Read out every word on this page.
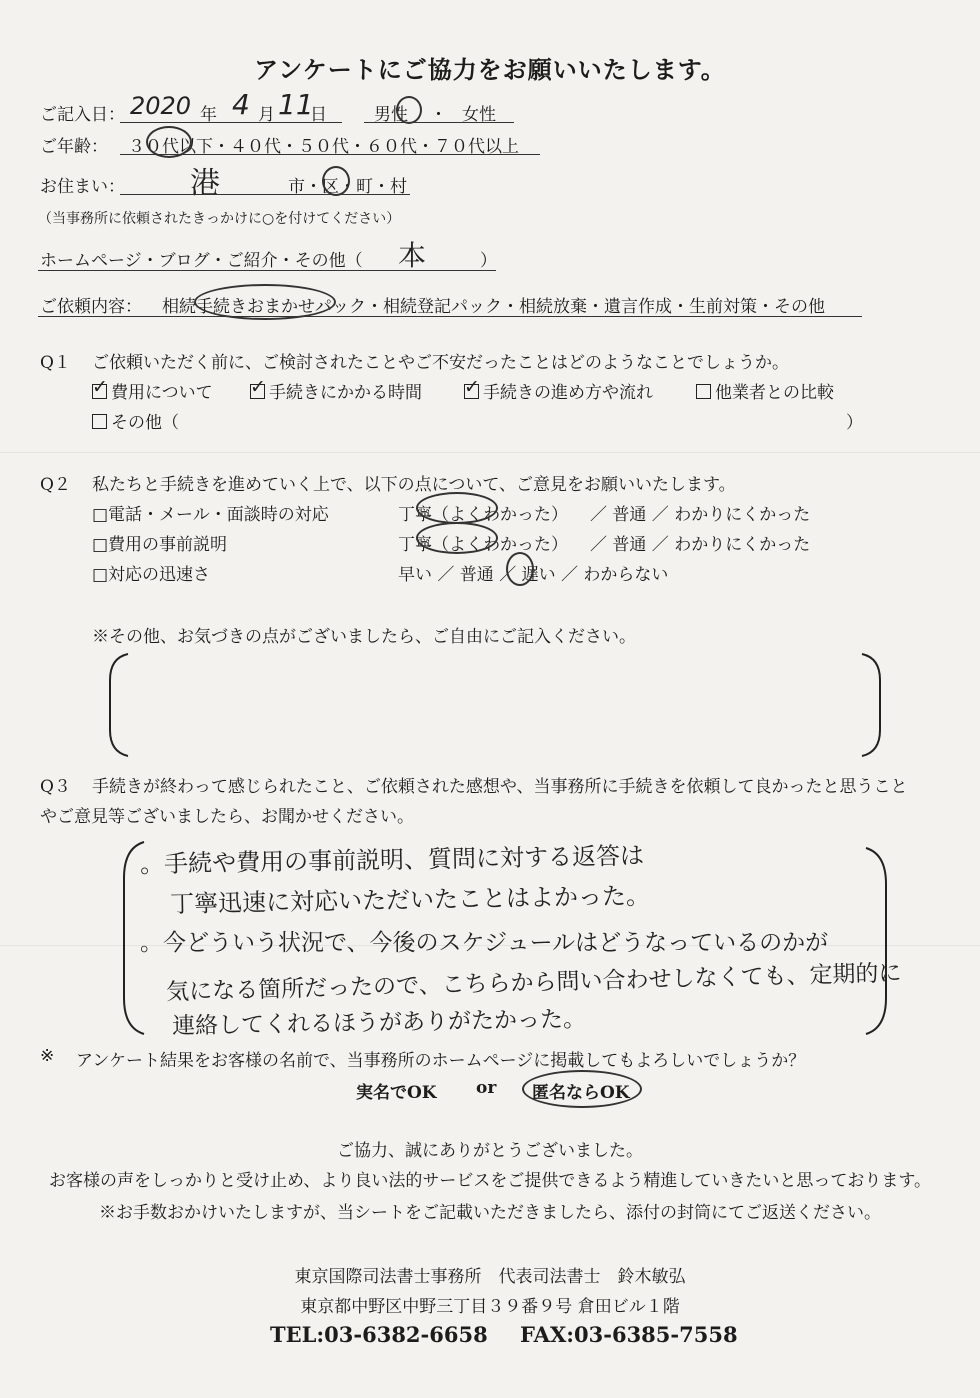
アンケートにご協力をお願いいたします。
ご記入日： 2020 年 4 月 11
日	男性 ・ 女性
ご年齢： ３０代以下・４０代・５０代・６０代・７０代以上
お住まい： 港	市・区・町・村
（当事務所に依頼されたきっかけに○を付けてください）
ホームページ・ブログ・ご紹介・その他（ 本	）
ご依頼内容： 相続手続きおまかせパック・相続登記パック・相続放棄・遺言作成・生前対策・その他
Q１ ご依頼いただく前に、ご検討されたことやご不安だったことはどのようなことでしょうか。
✓費用について ✓	手続きにかかる時間 ✓	手続きの進め方や流れ	他業者との比較
その他（	）
Q２ 私たちと手続きを進めていく上で、以下の点について、ご意見をお願いいたします。
□電話・メール・面談時の対応	丁寧（よくわかった） ／ 普通 ／ わかりにくかった
□費用の事前説明	丁寧（よくわかった） ／ 普通 ／ わかりにくかった
□対応の迅速さ	早い ／ 普通 ／ 遅い ／ わからない
※その他、お気づきの点がございましたら、ご自由にご記入ください。
Q３ 手続きが終わって感じられたこと、ご依頼された感想や、当事務所に手続きを依頼して良かったと思うこと
やご意見等ございましたら、お聞かせください。
。手続や費用の事前説明、質問に対する返答は
丁寧迅速に対応いただいたことはよかった。
。今どういう状況で、今後のスケジュールはどうなっているのかが
気になる箇所だったので、こちらから問い合わせしなくても、定期的に
連絡してくれるほうがありがたかった。
※ アンケート結果をお客様の名前で、当事務所のホームページに掲載してもよろしいでしょうか？
実名でOK or 匿名ならOK
ご協力、誠にありがとうございました。
お客様の声をしっかりと受け止め、より良い法的サービスをご提供できるよう精進していきたいと思っております。
※お手数おかけいたしますが、当シートをご記載いただきましたら、添付の封筒にてご返送ください。
東京国際司法書士事務所　代表司法書士　鈴木敏弘
東京都中野区中野三丁目３９番９号 倉田ビル１階
TEL:03-6382-6658 FAX:03-6385-7558
